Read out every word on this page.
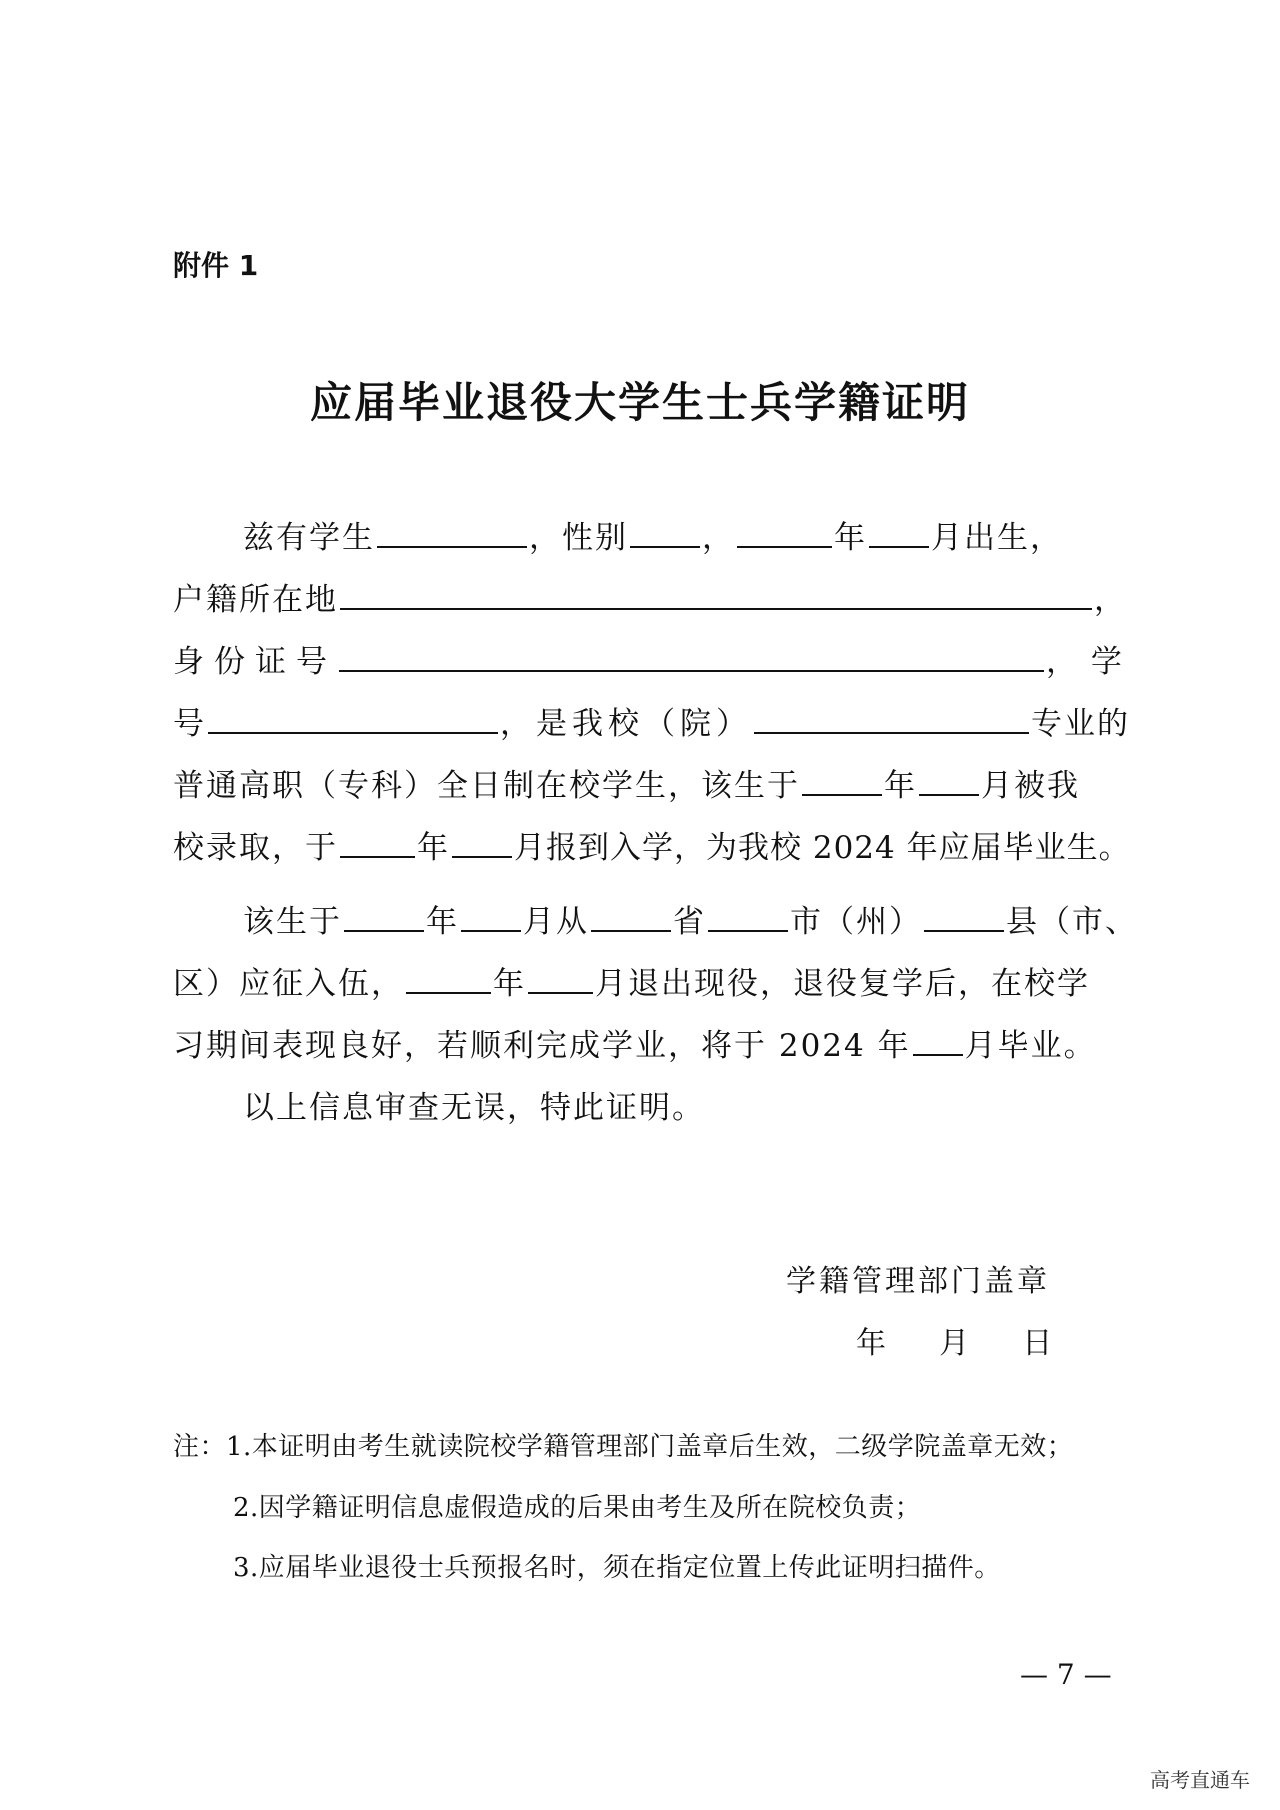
附件 1
应届毕业退役大学生士兵学籍证明
兹有学生	，性别 ，	年 月出生，
户籍所在地	，
身份证号	， 学
号	，是我校（院）	专业的
普通高职（专科）全日制在校学生，该生于	年 月被我
校录取，于	年 月报到入学，为我校 2024 年应届毕业生。
该生于	年 月从	省	市（州）	县（市、
区）应征入伍，	年 月退出现役，退役复学后，在校学
习期间表现良好，若顺利完成学业，将于 2024 年 月毕业。
以上信息审查无误，特此证明。
学籍管理部门盖章
年    月    日
注：1.本证明由考生就读院校学籍管理部门盖章后生效，二级学院盖章无效；
2.因学籍证明信息虚假造成的后果由考生及所在院校负责；
3.应届毕业退役士兵预报名时，须在指定位置上传此证明扫描件。
— 7 —
高考直通车
